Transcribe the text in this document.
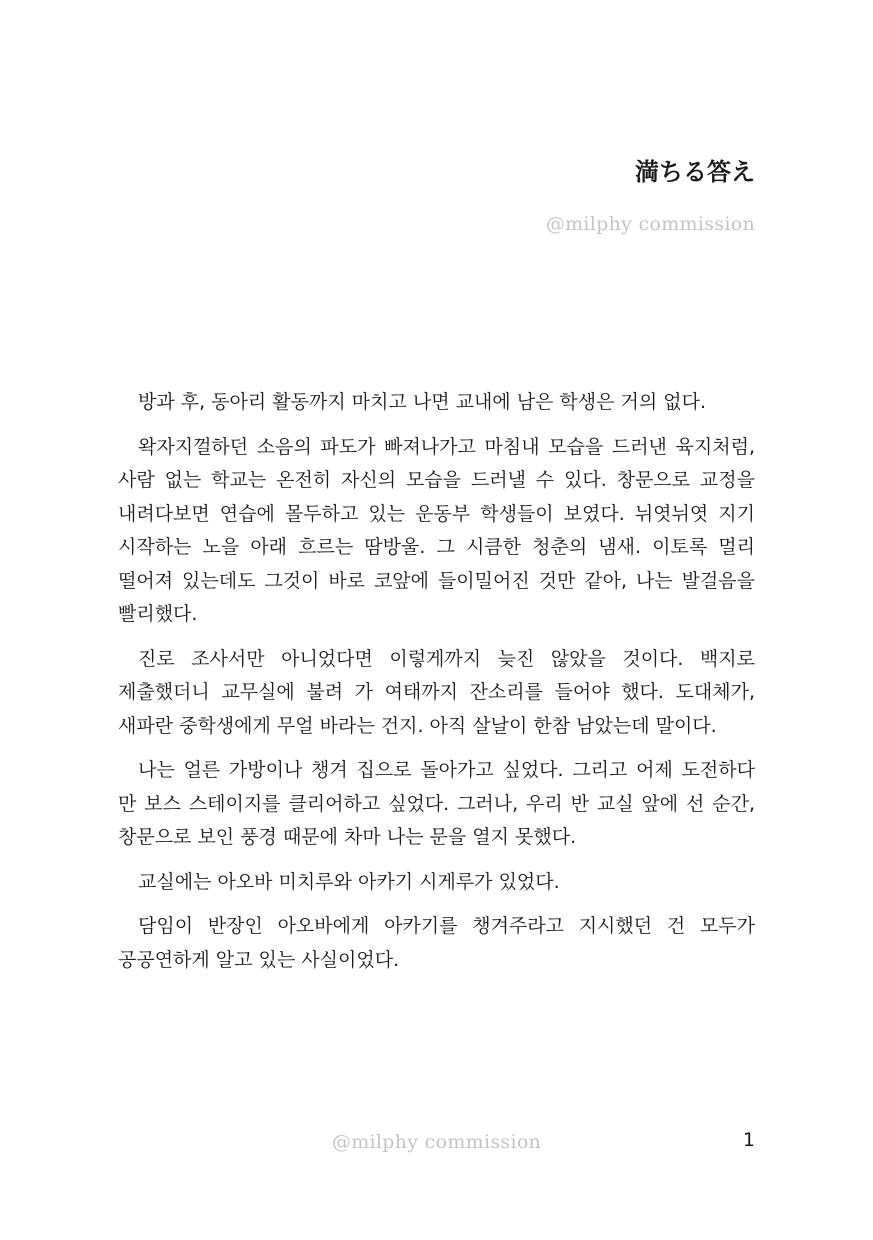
満ちる答え
@milphy commission

방과 후, 동아리 활동까지 마치고 나면 교내에 남은 학생은 거의 없다.

왁자지껄하던 소음의 파도가 빠져나가고 마침내 모습을 드러낸 육지처럼, 사람 없는 학교는 온전히 자신의 모습을 드러낼 수 있다. 창문으로 교정을 내려다보면 연습에 몰두하고 있는 운동부 학생들이 보였다. 뉘엿뉘엿 지기 시작하는 노을 아래 흐르는 땀방울. 그 시큼한 청춘의 냄새. 이토록 멀리 떨어져 있는데도 그것이 바로 코앞에 들이밀어진 것만 같아, 나는 발걸음을 빨리했다.

진로 조사서만 아니었다면 이렇게까지 늦진 않았을 것이다. 백지로 제출했더니 교무실에 불려 가 여태까지 잔소리를 들어야 했다. 도대체가, 새파란 중학생에게 무얼 바라는 건지. 아직 살날이 한참 남았는데 말이다.

나는 얼른 가방이나 챙겨 집으로 돌아가고 싶었다. 그리고 어제 도전하다 만 보스 스테이지를 클리어하고 싶었다. 그러나, 우리 반 교실 앞에 선 순간, 창문으로 보인 풍경 때문에 차마 나는 문을 열지 못했다.

교실에는 아오바 미치루와 아카기 시게루가 있었다.

담임이 반장인 아오바에게 아카기를 챙겨주라고 지시했던 건 모두가 공공연하게 알고 있는 사실이었다.

@milphy commission	1
